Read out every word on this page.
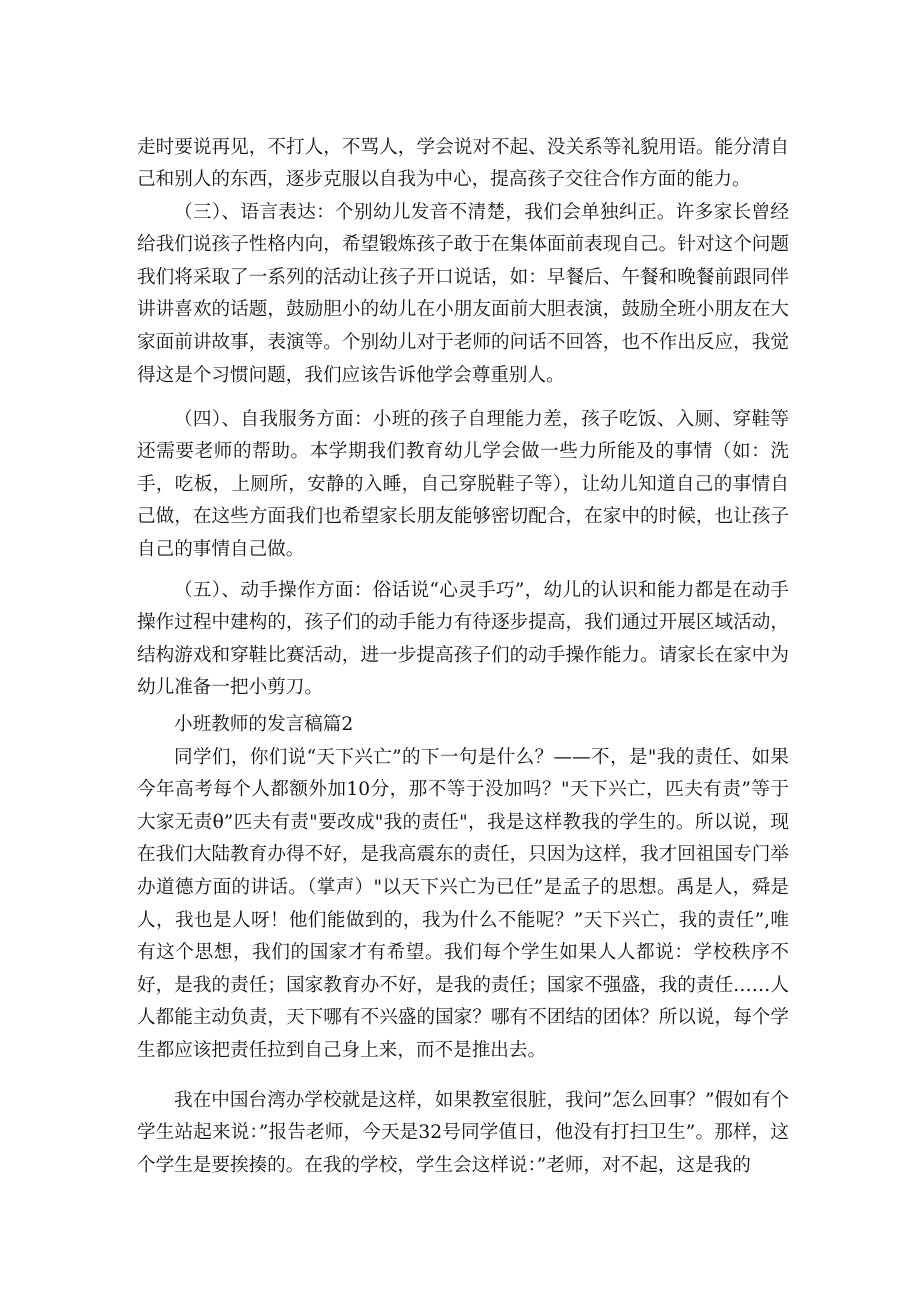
走时要说再见，不打人，不骂人，学会说对不起、没关系等礼貌用语。能分清自己和别人的东西，逐步克服以自我为中心，提高孩子交往合作方面的能力。

（三）、语言表达：个别幼儿发音不清楚，我们会单独纠正。许多家长曾经给我们说孩子性格内向，希望锻炼孩子敢于在集体面前表现自己。针对这个问题我们将采取了一系列的活动让孩子开口说话，如：早餐后、午餐和晚餐前跟同伴讲讲喜欢的话题，鼓励胆小的幼儿在小朋友面前大胆表演，鼓励全班小朋友在大家面前讲故事，表演等。个别幼儿对于老师的问话不回答，也不作出反应，我觉得这是个习惯问题，我们应该告诉他学会尊重别人。

（四）、自我服务方面：小班的孩子自理能力差，孩子吃饭、入厕、穿鞋等还需要老师的帮助。本学期我们教育幼儿学会做一些力所能及的事情（如：洗手，吃板，上厕所，安静的入睡，自己穿脱鞋子等），让幼儿知道自己的事情自己做，在这些方面我们也希望家长朋友能够密切配合，在家中的时候，也让孩子自己的事情自己做。

（五）、动手操作方面：俗话说“心灵手巧”，幼儿的认识和能力都是在动手操作过程中建构的，孩子们的动手能力有待逐步提高，我们通过开展区域活动，结构游戏和穿鞋比赛活动，进一步提高孩子们的动手操作能力。请家长在家中为幼儿准备一把小剪刀。

小班教师的发言稿篇2

同学们，你们说“天下兴亡”的下一句是什么？——不，是"我的责任、如果今年高考每个人都额外加10分，那不等于没加吗？"天下兴亡，匹夫有责”等于大家无责θ”匹夫有责"要改成"我的责任"，我是这样教我的学生的。所以说，现在我们大陆教育办得不好，是我高震东的责任，只因为这样，我才回祖国专门举办道德方面的讲话。（掌声）"以天下兴亡为已任”是孟子的思想。禹是人，舜是人，我也是人呀！他们能做到的，我为什么不能呢？”天下兴亡，我的责任”,唯有这个思想，我们的国家才有希望。我们每个学生如果人人都说：学校秩序不好，是我的责任；国家教育办不好，是我的责任；国家不强盛，我的责任……人人都能主动负责，天下哪有不兴盛的国家？哪有不团结的团体？所以说，每个学生都应该把责任拉到自己身上来，而不是推出去。

我在中国台湾办学校就是这样，如果教室很脏，我问”怎么回事？”假如有个学生站起来说：”报告老师，今天是32号同学值日，他没有打扫卫生”。那样，这个学生是要挨揍的。在我的学校，学生会这样说：”老师，对不起，这是我的
